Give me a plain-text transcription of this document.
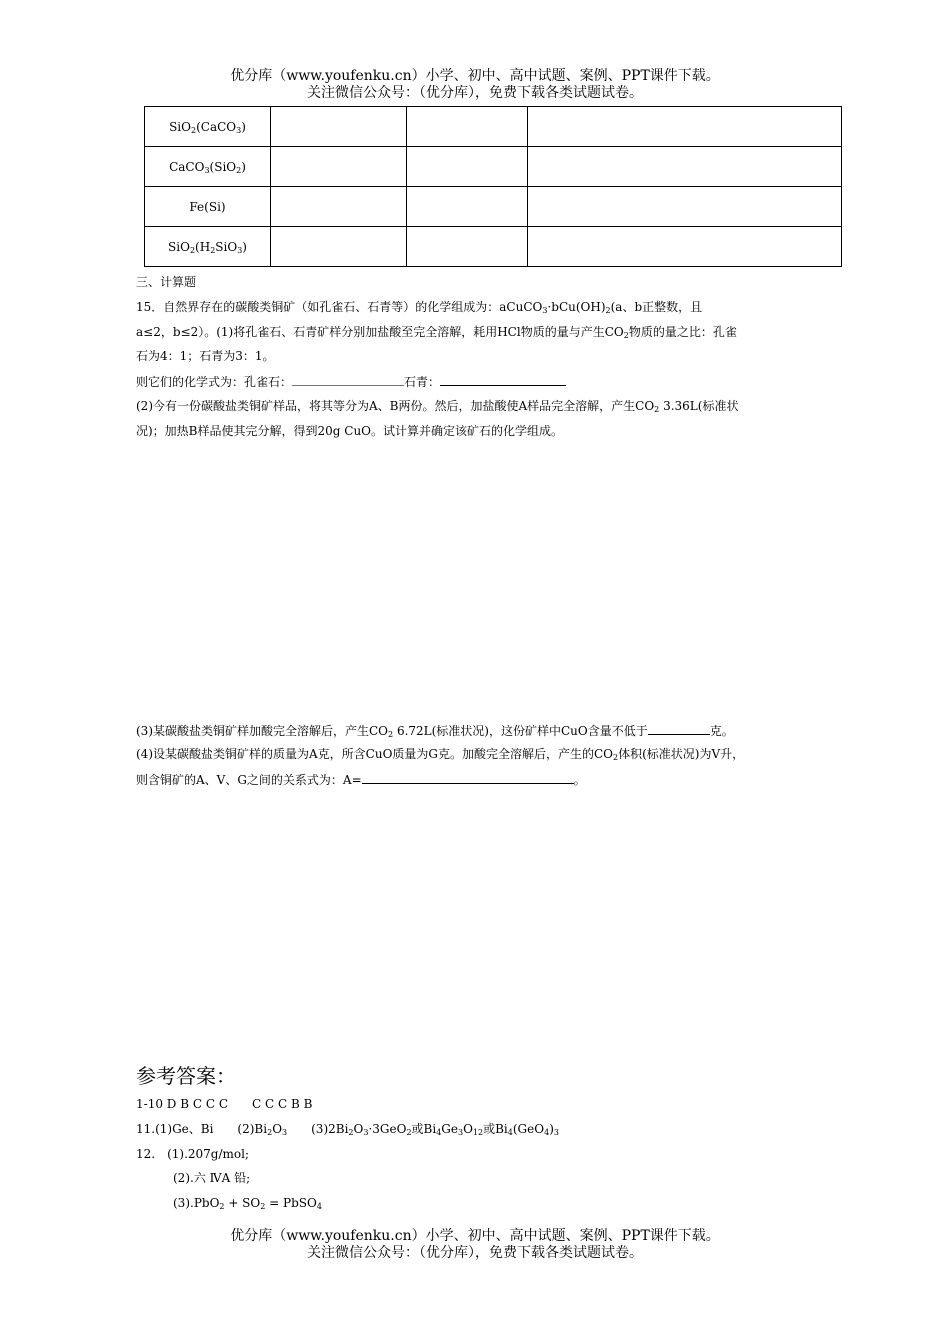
优分库（www.youfenku.cn）小学、初中、高中试题、案例、PPT课件下载。
关注微信公众号：（优分库），免费下载各类试题试卷。
SiO$_2$(CaCO$_3$)			
CaCO$_3$(SiO$_2$)			
Fe(Si)			
$SiO_2(H_2SiO_3)$			
三、计算题
15．自然界存在的碳酸类铜矿（如孔雀石、石青等）的化学组成为：$aCuCO_3\cdot bCu(OH)_2(a$、b正整数，且
a≤2，b≤2）。(1)将孔雀石、石青矿样分别加盐酸至完全溶解，耗用HCl物质的量与产生$CO_2$物质的量之比：孔雀
石为4：1；石青为3：1。
则它们的化学式为：孔雀石：	石青：
(2)今有一份碳酸盐类铜矿样品，将其等分为A、B两份。然后，加盐酸使A样品完全溶解，产生$CO_2$ 3.36L(标准状
况)；加热B样品使其完分解，得到20g CuO。试计算并确定该矿石的化学组成。
(3)某碳酸盐类铜矿样加酸完全溶解后，产生$CO_2$ 6.72L(标准状况)，这份矿样中CuO含量不低于	克。
(4)设某碳酸盐类铜矿样的质量为A克，所含CuO质量为G克。加酸完全溶解后，产生的$CO_2$体积(标准状况)为V升，
则含铜矿的A、V、G之间的关系式为：A=	。
参考答案：
1-10 D B C C C　　C C C B B
11.(1)Ge、Bi　　$(2)Bi_2O_3$　　$(3)2Bi_2O_3\cdot 3GeO_2$或$Bi_4Ge_3O_{12}$或$Bi_4(GeO_4)_3$
12.　(1).207g/mol;
(2).六 ⅣA 铅;
$(3).PbO_2 + SO_2$ = PbSO$_4$
优分库（www.youfenku.cn）小学、初中、高中试题、案例、PPT课件下载。
关注微信公众号：（优分库），免费下载各类试题试卷。
